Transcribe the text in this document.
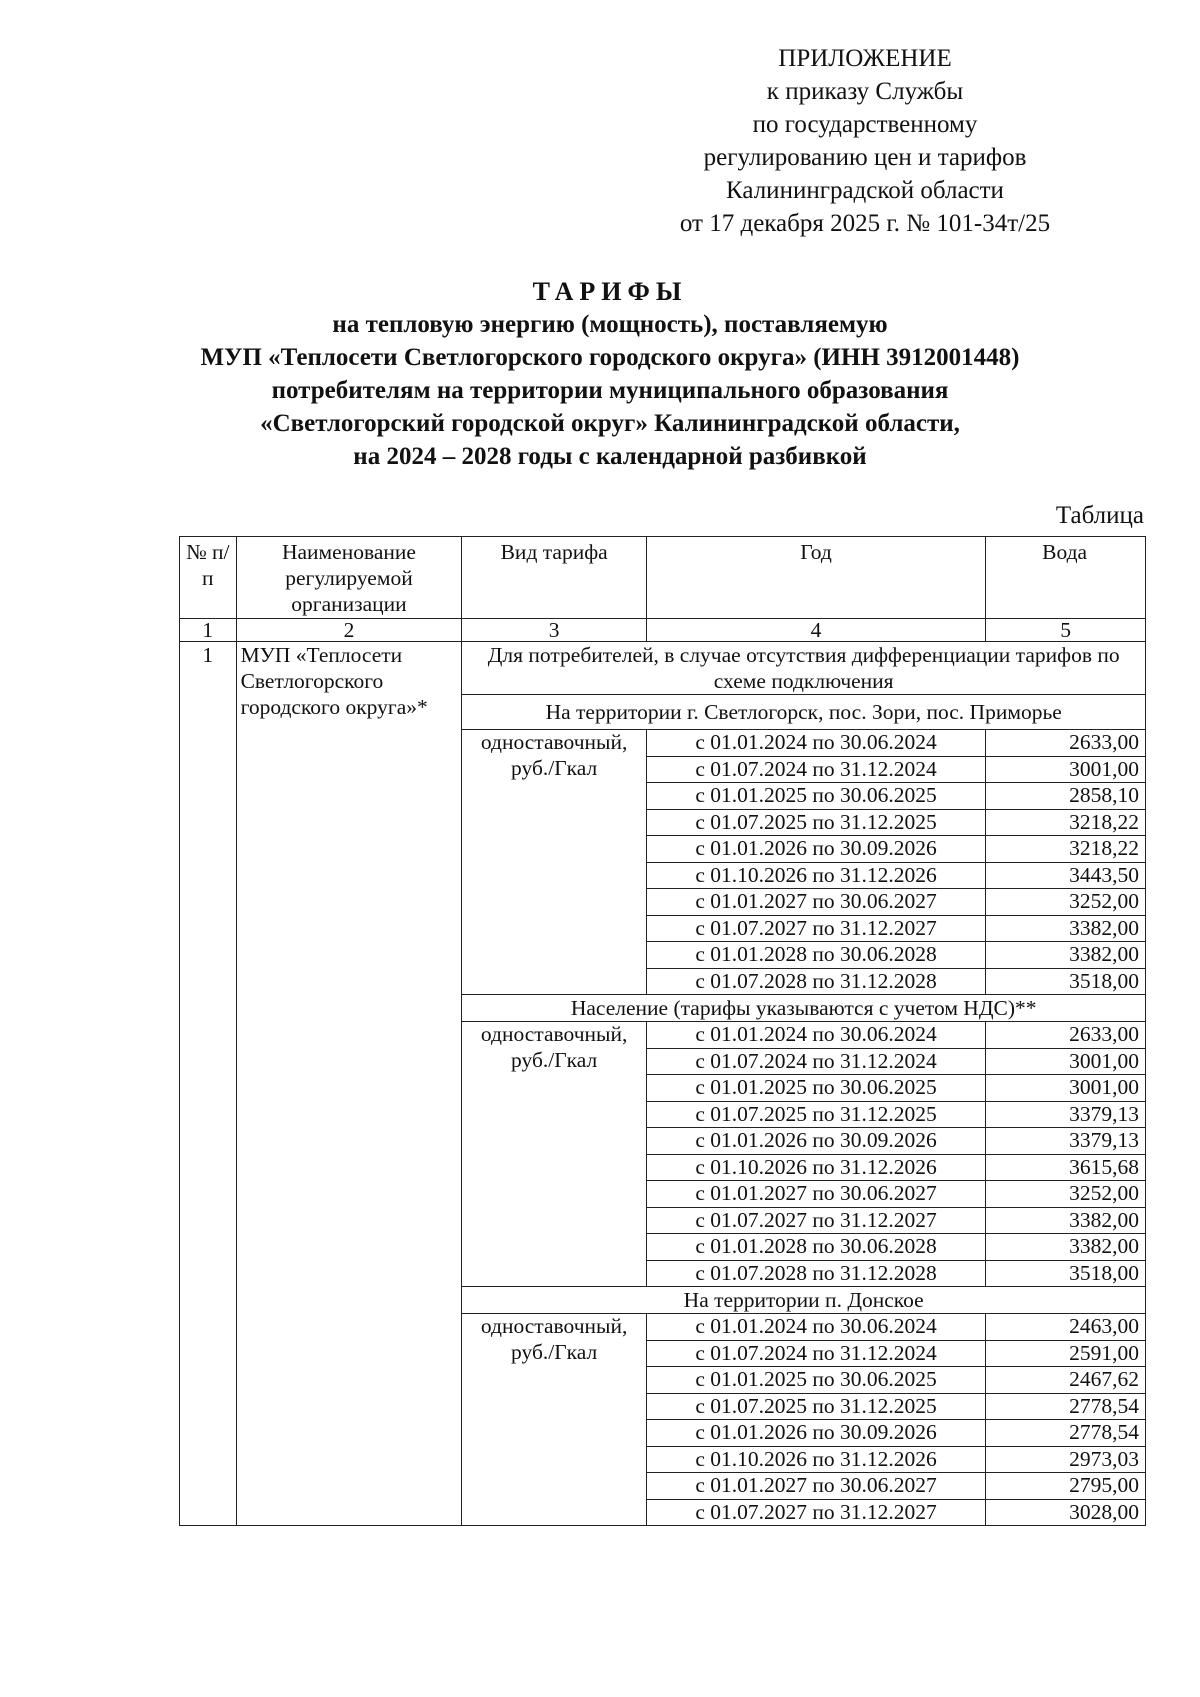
ПРИЛОЖЕНИЕ
к приказу Службы
по государственному
регулированию цен и тарифов
Калининградской области
от 17 декабря 2025 г. № 101-34т/25
ТАРИФЫ
на тепловую энергию (мощность), поставляемую
МУП «Теплосети Светлогорского городского округа» (ИНН 3912001448)
потребителям на территории муниципального образования
«Светлогорский городской округ» Калининградской области,
на 2024 – 2028 годы с календарной разбивкой
Таблица
№ п/п	Наименование регулируемой организации	Вид тарифа	Год	Вода
1	2	3	4	5
1	МУП «Теплосети Светлогорского городского округа»*	Для потребителей, в случае отсутствия дифференциации тарифов по схеме подключения		
		На территории г. Светлогорск, пос. Зори, пос. Приморье		
		одноставочный, руб./Гкал	с 01.01.2024 по 30.06.2024	2633,00
			с 01.07.2024 по 31.12.2024	3001,00
			с 01.01.2025 по 30.06.2025	2858,10
			с 01.07.2025 по 31.12.2025	3218,22
			с 01.01.2026 по 30.09.2026	3218,22
			с 01.10.2026 по 31.12.2026	3443,50
			с 01.01.2027 по 30.06.2027	3252,00
			с 01.07.2027 по 31.12.2027	3382,00
			с 01.01.2028 по 30.06.2028	3382,00
			с 01.07.2028 по 31.12.2028	3518,00
		Население (тарифы указываются с учетом НДС)**		
		одноставочный, руб./Гкал	с 01.01.2024 по 30.06.2024	2633,00
			с 01.07.2024 по 31.12.2024	3001,00
			с 01.01.2025 по 30.06.2025	3001,00
			с 01.07.2025 по 31.12.2025	3379,13
			с 01.01.2026 по 30.09.2026	3379,13
			с 01.10.2026 по 31.12.2026	3615,68
			с 01.01.2027 по 30.06.2027	3252,00
			с 01.07.2027 по 31.12.2027	3382,00
			с 01.01.2028 по 30.06.2028	3382,00
			с 01.07.2028 по 31.12.2028	3518,00
		На территории п. Донское		
		одноставочный, руб./Гкал	с 01.01.2024 по 30.06.2024	2463,00
			с 01.07.2024 по 31.12.2024	2591,00
			с 01.01.2025 по 30.06.2025	2467,62
			с 01.07.2025 по 31.12.2025	2778,54
			с 01.01.2026 по 30.09.2026	2778,54
			с 01.10.2026 по 31.12.2026	2973,03
			с 01.01.2027 по 30.06.2027	2795,00
			с 01.07.2027 по 31.12.2027	3028,00
